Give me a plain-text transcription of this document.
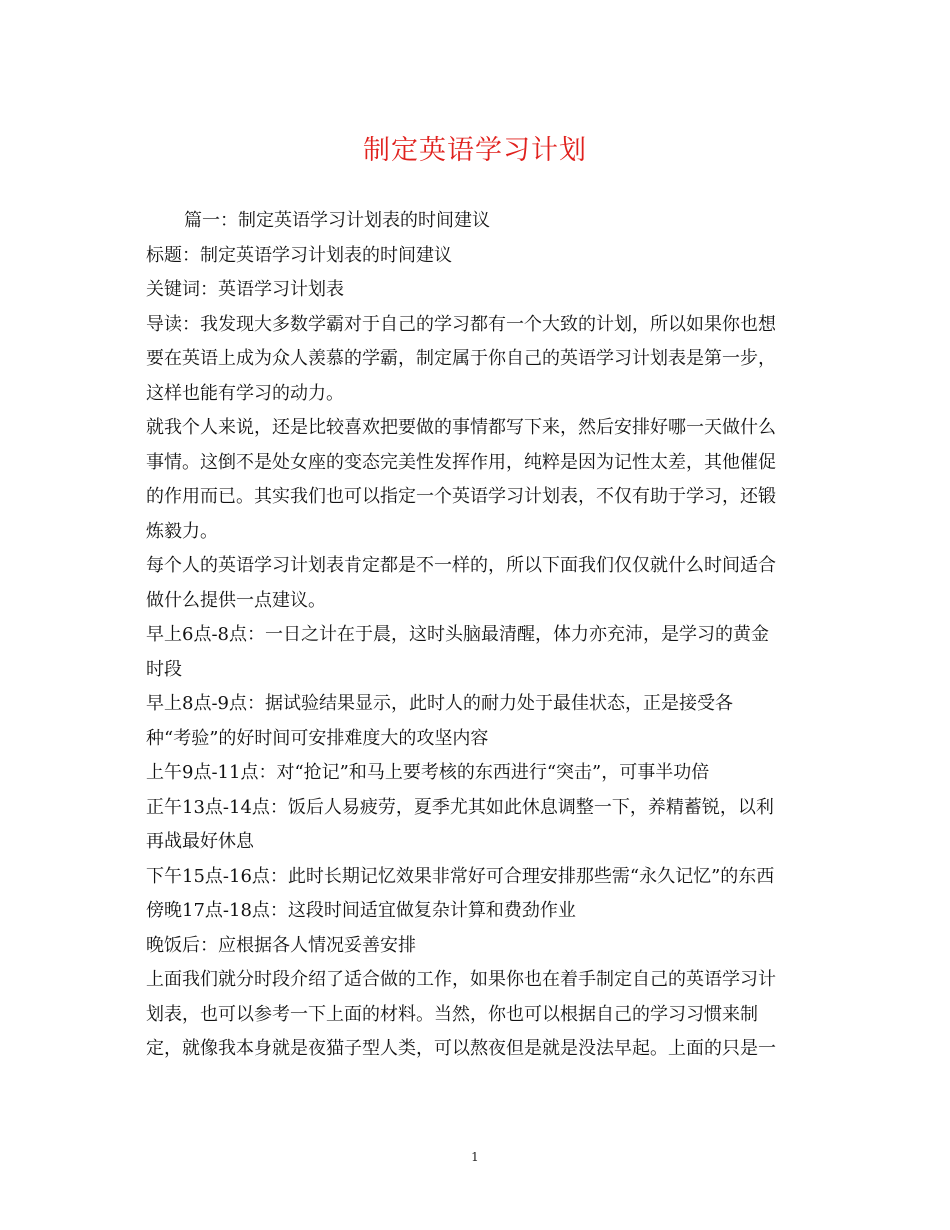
制定英语学习计划
篇一：制定英语学习计划表的时间建议
标题：制定英语学习计划表的时间建议
关键词：英语学习计划表
导读：我发现大多数学霸对于自己的学习都有一个大致的计划，所以如果你也想
要在英语上成为众人羡慕的学霸，制定属于你自己的英语学习计划表是第一步，
这样也能有学习的动力。
就我个人来说，还是比较喜欢把要做的事情都写下来，然后安排好哪一天做什么
事情。这倒不是处女座的变态完美性发挥作用，纯粹是因为记性太差，其他催促
的作用而已。其实我们也可以指定一个英语学习计划表，不仅有助于学习，还锻
炼毅力。
每个人的英语学习计划表肯定都是不一样的，所以下面我们仅仅就什么时间适合
做什么提供一点建议。
早上6点-8点：一日之计在于晨，这时头脑最清醒，体力亦充沛，是学习的黄金
时段
早上8点-9点：据试验结果显示，此时人的耐力处于最佳状态，正是接受各
种“考验”的好时间可安排难度大的攻坚内容
上午9点-11点：对“抢记”和马上要考核的东西进行“突击”，可事半功倍
正午13点-14点：饭后人易疲劳，夏季尤其如此休息调整一下，养精蓄锐，以利
再战最好休息
下午15点-16点：此时长期记忆效果非常好可合理安排那些需“永久记忆”的东西
傍晚17点-18点：这段时间适宜做复杂计算和费劲作业
晚饭后：应根据各人情况妥善安排
上面我们就分时段介绍了适合做的工作，如果你也在着手制定自己的英语学习计
划表，也可以参考一下上面的材料。当然，你也可以根据自己的学习习惯来制
定，就像我本身就是夜猫子型人类，可以熬夜但是就是没法早起。上面的只是一
1
